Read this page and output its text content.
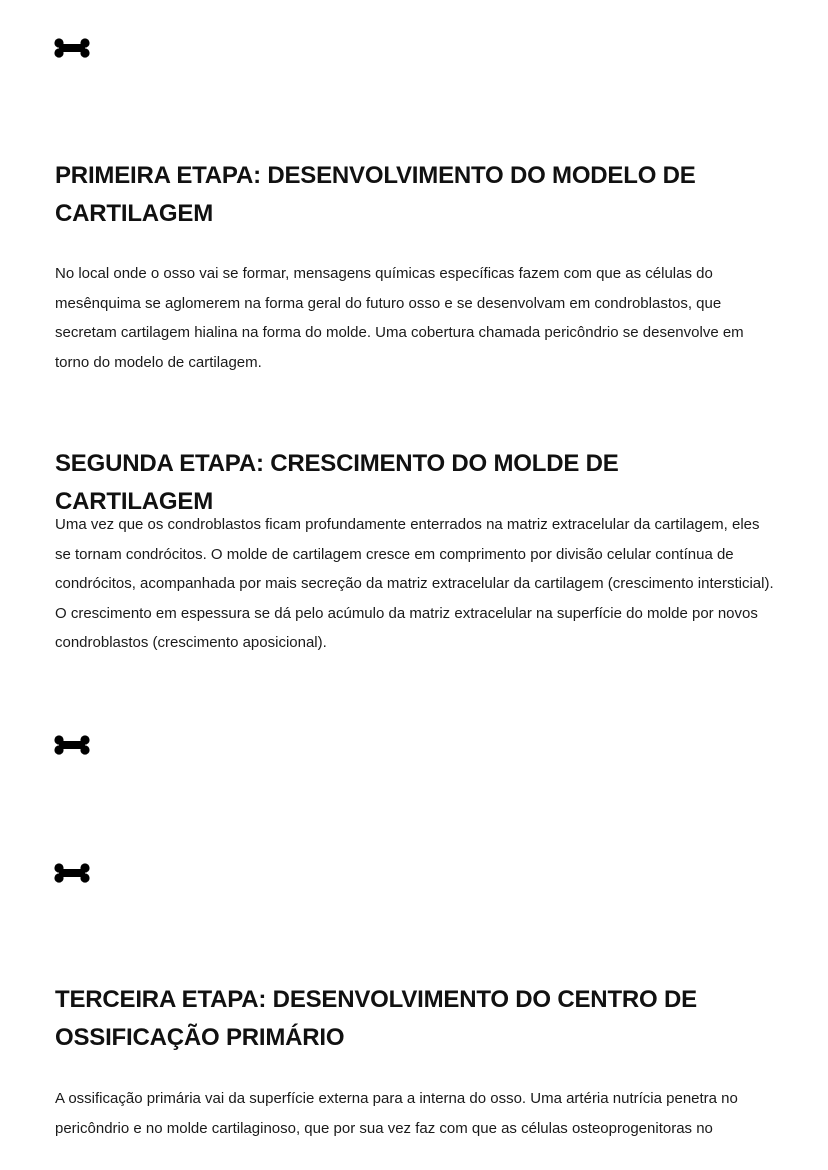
PRIMEIRA ETAPA: DESENVOLVIMENTO DO MODELO DE CARTILAGEM

No local onde o osso vai se formar, mensagens químicas específicas fazem com que as células do mesênquima se aglomerem na forma geral do futuro osso e se desenvolvam em condroblastos, que secretam cartilagem hialina na forma do molde. Uma cobertura chamada pericôndrio se desenvolve em torno do modelo de cartilagem.

SEGUNDA ETAPA: CRESCIMENTO DO MOLDE DE CARTILAGEM

Uma vez que os condroblastos ficam profundamente enterrados na matriz extracelular da cartilagem, eles se tornam condrócitos. O molde de cartilagem cresce em comprimento por divisão celular contínua de condrócitos, acompanhada por mais secreção da matriz extracelular da cartilagem (crescimento intersticial). O crescimento em espessura se dá pelo acúmulo da matriz extracelular na superfície do molde por novos condroblastos (crescimento aposicional).

TERCEIRA ETAPA: DESENVOLVIMENTO DO CENTRO DE OSSIFICAÇÃO PRIMÁRIO

A ossificação primária vai da superfície externa para a interna do osso. Uma artéria nutrícia penetra no pericôndrio e no molde cartilaginoso, que por sua vez faz com que as células osteoprogenitoras no
